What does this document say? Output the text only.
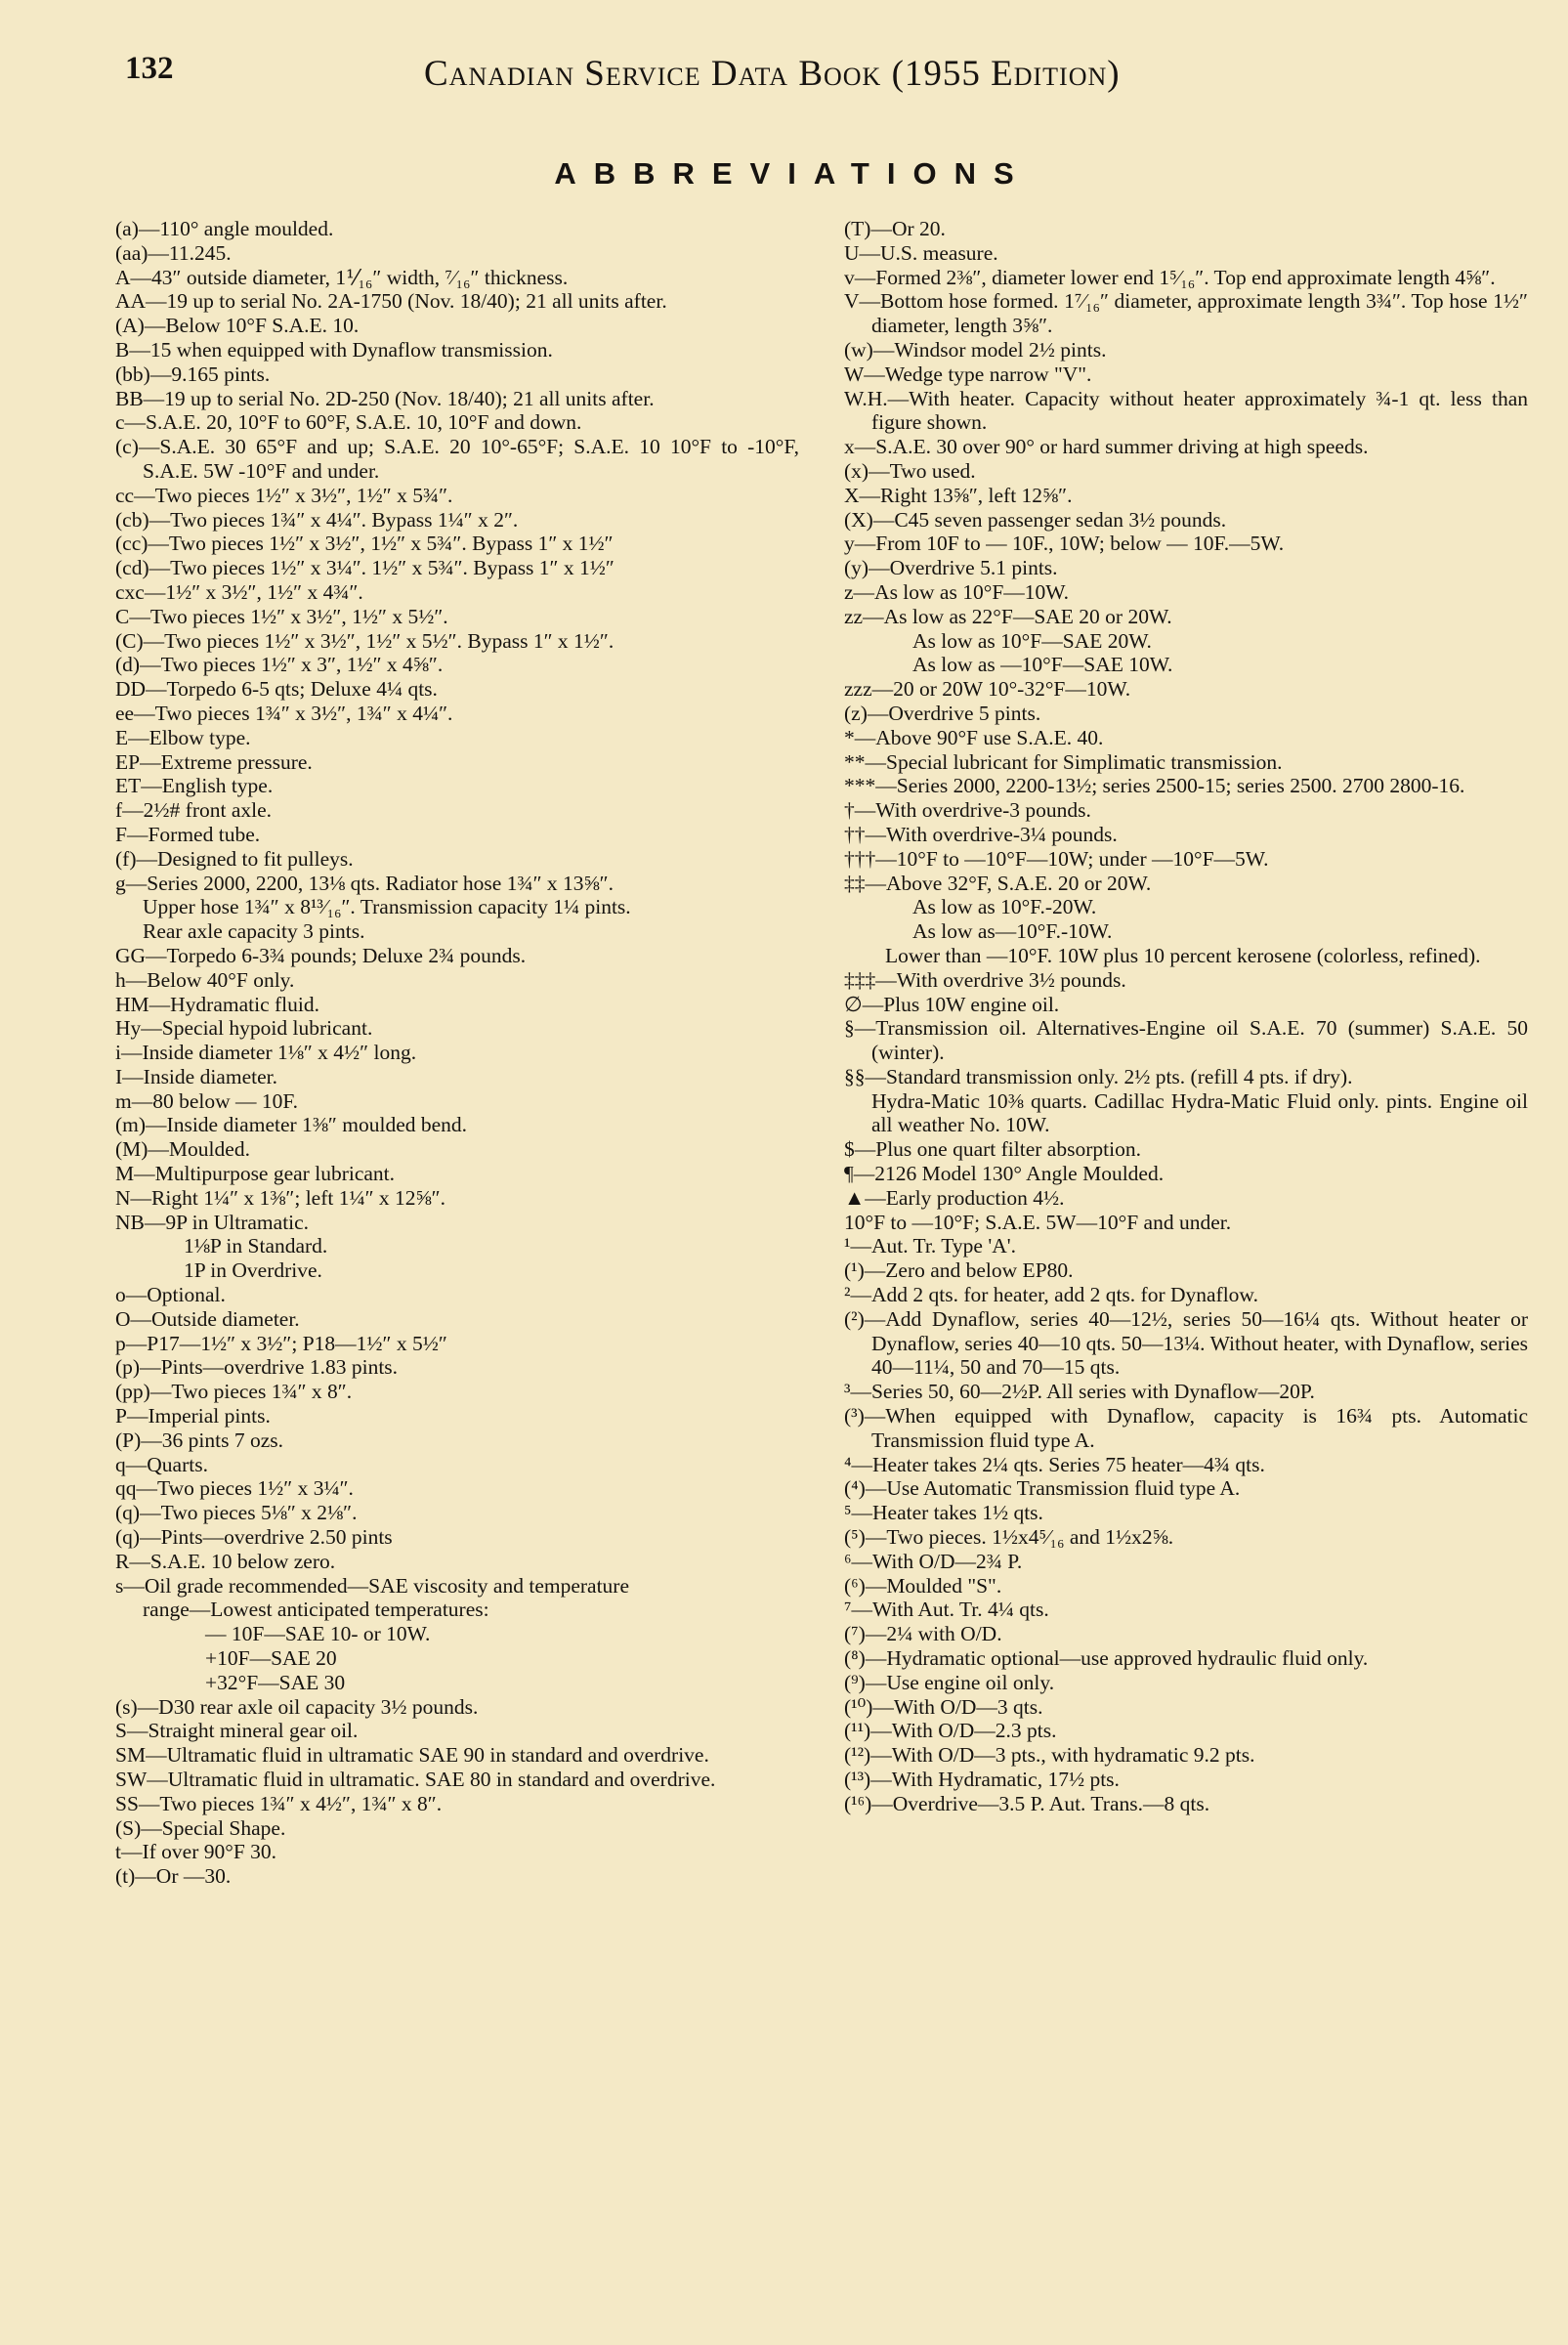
132	Canadian Service Data Book (1955 Edition)
ABBREVIATIONS
(a)—110° angle moulded.
(aa)—11.245.
A—43″ outside diameter, 1⅟₁₆″ width, ⁷⁄₁₆″ thickness.
AA—19 up to serial No. 2A-1750 (Nov. 18/40); 21 all units after.
(A)—Below 10°F S.A.E. 10.
B—15 when equipped with Dynaflow transmission.
(bb)—9.165 pints.
BB—19 up to serial No. 2D-250 (Nov. 18/40); 21 all units after.
c—S.A.E. 20, 10°F to 60°F, S.A.E. 10, 10°F and down.
(c)—S.A.E. 30 65°F and up; S.A.E. 20 10°-65°F; S.A.E. 10 10°F to -10°F, S.A.E. 5W -10°F and under.
cc—Two pieces 1½″ x 3½″, 1½″ x 5¾″.
(cb)—Two pieces 1¾″ x 4¼″. Bypass 1¼″ x 2″.
(cc)—Two pieces 1½″ x 3½″, 1½″ x 5¾″. Bypass 1″ x 1½″
(cd)—Two pieces 1½″ x 3¼″. 1½″ x 5¾″. Bypass 1″ x 1½″
cxc—1½″ x 3½″, 1½″ x 4¾″.
C—Two pieces 1½″ x 3½″, 1½″ x 5½″.
(C)—Two pieces 1½″ x 3½″, 1½″ x 5½″. Bypass 1″ x 1½″.
(d)—Two pieces 1½″ x 3″, 1½″ x 4⅝″.
DD—Torpedo 6-5 qts; Deluxe 4¼ qts.
ee—Two pieces 1¾″ x 3½″, 1¾″ x 4¼″.
E—Elbow type.
EP—Extreme pressure.
ET—English type.
f—2½# front axle.
F—Formed tube.
(f)—Designed to fit pulleys.
g—Series 2000, 2200, 13⅛ qts. Radiator hose 1¾″ x 13⅝″.
Upper hose 1¾″ x 8¹³⁄₁₆″. Transmission capacity 1¼ pints.
Rear axle capacity 3 pints.
GG—Torpedo 6-3¾ pounds; Deluxe 2¾ pounds.
h—Below 40°F only.
HM—Hydramatic fluid.
Hy—Special hypoid lubricant.
i—Inside diameter 1⅛″ x 4½″ long.
I—Inside diameter.
m—80 below — 10F.
(m)—Inside diameter 1⅜″ moulded bend.
(M)—Moulded.
M—Multipurpose gear lubricant.
N—Right 1¼″ x 1⅜″; left 1¼″ x 12⅝″.
NB—9P in Ultramatic.
1⅛P in Standard.
1P in Overdrive.
o—Optional.
O—Outside diameter.
p—P17—1½″ x 3½″; P18—1½″ x 5½″
(p)—Pints—overdrive 1.83 pints.
(pp)—Two pieces 1¾″ x 8″.
P—Imperial pints.
(P)—36 pints 7 ozs.
q—Quarts.
qq—Two pieces 1½″ x 3¼″.
(q)—Two pieces 5⅛″ x 2⅛″.
(q)—Pints—overdrive 2.50 pints
R—S.A.E. 10 below zero.
s—Oil grade recommended—SAE viscosity and temperature
range—Lowest anticipated temperatures:
— 10F—SAE 10- or 10W.
+10F—SAE 20
+32°F—SAE 30
(s)—D30 rear axle oil capacity 3½ pounds.
S—Straight mineral gear oil.
SM—Ultramatic fluid in ultramatic SAE 90 in standard and overdrive.
SW—Ultramatic fluid in ultramatic. SAE 80 in standard and overdrive.
SS—Two pieces 1¾″ x 4½″, 1¾″ x 8″.
(S)—Special Shape.
t—If over 90°F 30.
(t)—Or —30.
(T)—Or 20.
U—U.S. measure.
v—Formed 2⅜″, diameter lower end 1⁵⁄₁₆″. Top end approximate length 4⅝″.
V—Bottom hose formed. 1⁷⁄₁₆″ diameter, approximate length 3¾″. Top hose 1½″ diameter, length 3⅝″.
(w)—Windsor model 2½ pints.
W—Wedge type narrow "V".
W.H.—With heater. Capacity without heater approximately ¾-1 qt. less than figure shown.
x—S.A.E. 30 over 90° or hard summer driving at high speeds.
(x)—Two used.
X—Right 13⅝″, left 12⅝″.
(X)—C45 seven passenger sedan 3½ pounds.
y—From 10F to — 10F., 10W; below — 10F.—5W.
(y)—Overdrive 5.1 pints.
z—As low as 10°F—10W.
zz—As low as 22°F—SAE 20 or 20W.
As low as 10°F—SAE 20W.
As low as —10°F—SAE 10W.
zzz—20 or 20W 10°-32°F—10W.
(z)—Overdrive 5 pints.
*—Above 90°F use S.A.E. 40.
**—Special lubricant for Simplimatic transmission.
***—Series 2000, 2200-13½; series 2500-15; series 2500. 2700 2800-16.
†—With overdrive-3 pounds.
††—With overdrive-3¼ pounds.
†††—10°F to —10°F—10W; under —10°F—5W.
‡‡—Above 32°F, S.A.E. 20 or 20W.
As low as 10°F.-20W.
As low as—10°F.-10W.
Lower than —10°F. 10W plus 10 percent kerosene (colorless, refined).
‡‡‡—With overdrive 3½ pounds.
∅—Plus 10W engine oil.
§—Transmission oil. Alternatives-Engine oil S.A.E. 70 (summer) S.A.E. 50 (winter).
§§—Standard transmission only. 2½ pts. (refill 4 pts. if dry).
Hydra-Matic 10⅜ quarts. Cadillac Hydra-Matic Fluid only. pints. Engine oil all weather No. 10W.
$—Plus one quart filter absorption.
¶—2126 Model 130° Angle Moulded.
▲—Early production 4½.
10°F to —10°F; S.A.E. 5W—10°F and under.
¹—Aut. Tr. Type 'A'.
(¹)—Zero and below EP80.
²—Add 2 qts. for heater, add 2 qts. for Dynaflow.
(²)—Add Dynaflow, series 40—12½, series 50—16¼ qts. Without heater or Dynaflow, series 40—10 qts. 50—13¼. Without heater, with Dynaflow, series 40—11¼, 50 and 70—15 qts.
³—Series 50, 60—2½P. All series with Dynaflow—20P.
(³)—When equipped with Dynaflow, capacity is 16¾ pts. Automatic Transmission fluid type A.
⁴—Heater takes 2¼ qts. Series 75 heater—4¾ qts.
(⁴)—Use Automatic Transmission fluid type A.
⁵—Heater takes 1½ qts.
(⁵)—Two pieces. 1½x4⁵⁄₁₆ and 1½x2⅝.
⁶—With O/D—2¾ P.
(⁶)—Moulded "S".
⁷—With Aut. Tr. 4¼ qts.
(⁷)—2¼ with O/D.
(⁸)—Hydramatic optional—use approved hydraulic fluid only.
(⁹)—Use engine oil only.
(¹⁰)—With O/D—3 qts.
(¹¹)—With O/D—2.3 pts.
(¹²)—With O/D—3 pts., with hydramatic 9.2 pts.
(¹³)—With Hydramatic, 17½ pts.
(¹⁶)—Overdrive—3.5 P. Aut. Trans.—8 qts.
